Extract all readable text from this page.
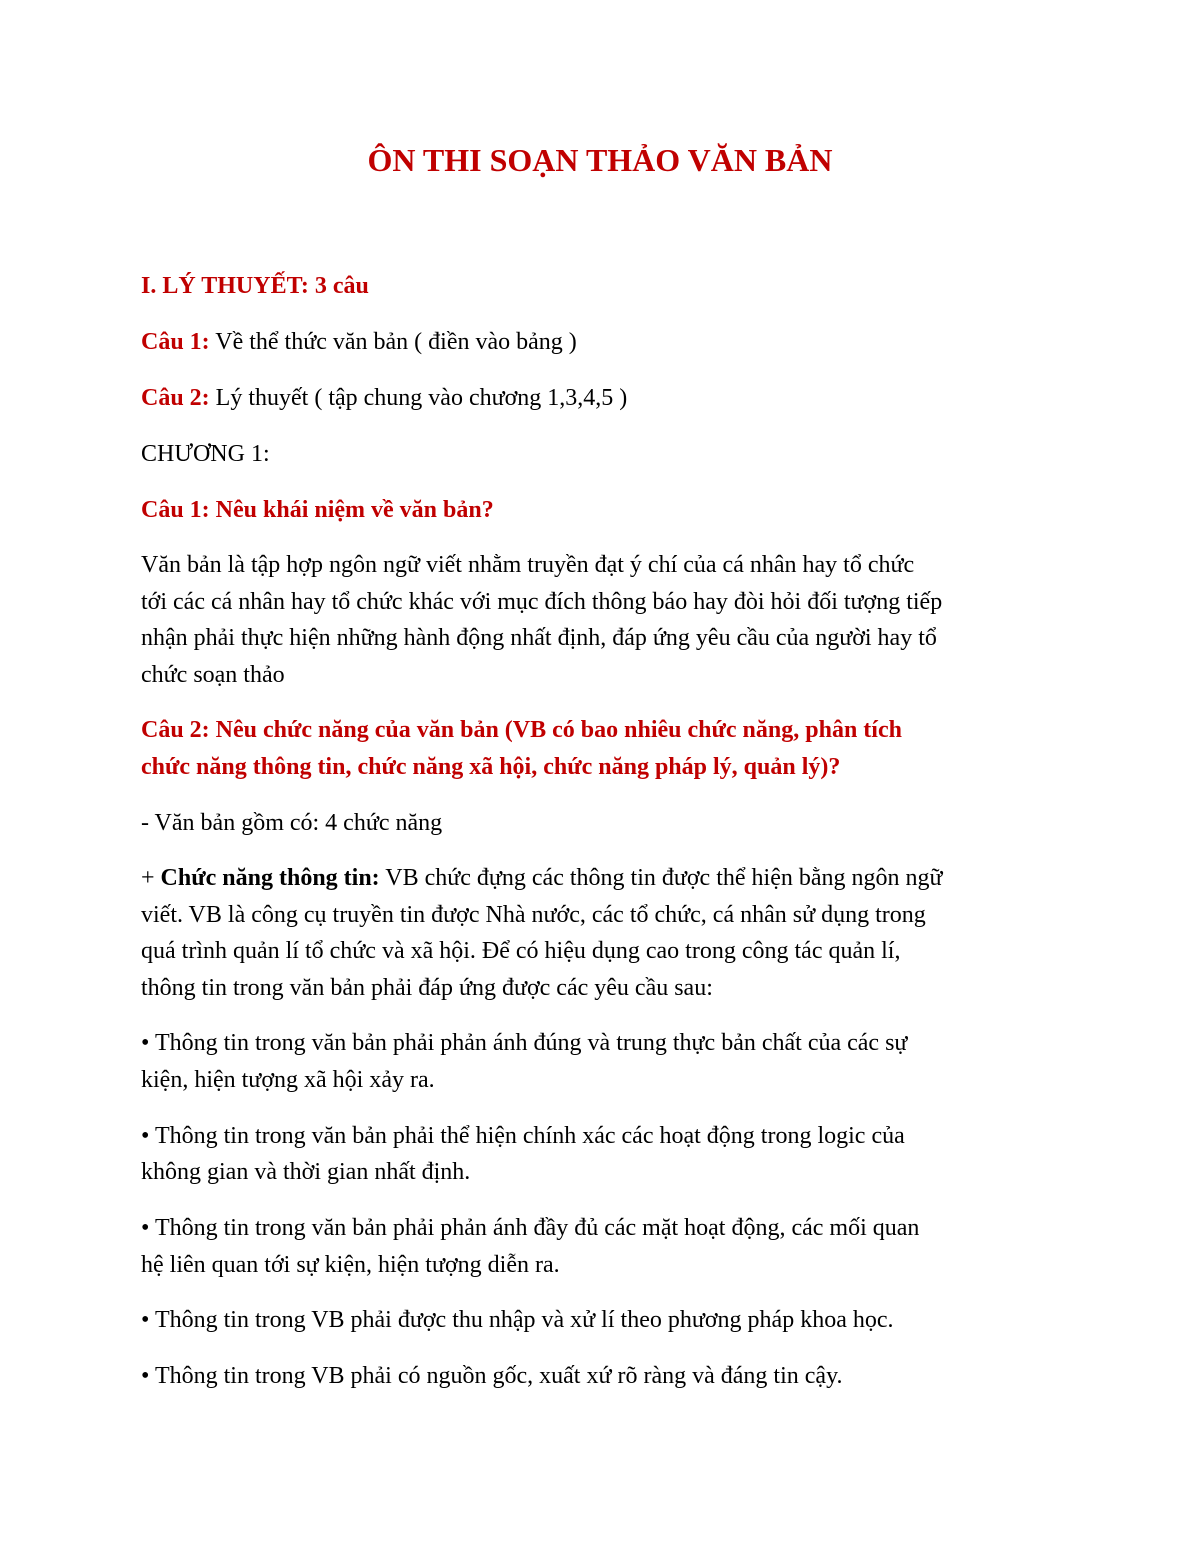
ÔN THI SOẠN THẢO VĂN BẢN
I. LÝ THUYẾT: 3 câu
Câu 1: Về thể thức văn bản ( điền vào bảng )
Câu 2: Lý thuyết ( tập chung vào chương 1,3,4,5 )
CHƯƠNG 1:
Câu 1: Nêu khái niệm về văn bản?
Văn bản là tập hợp ngôn ngữ viết nhằm truyền đạt ý chí của cá nhân hay tổ chức
tới các cá nhân hay tổ chức khác với mục đích thông báo hay đòi hỏi đối tượng tiếp
nhận phải thực hiện những hành động nhất định, đáp ứng yêu cầu của người hay tổ
chức soạn thảo
Câu 2: Nêu chức năng của văn bản (VB có bao nhiêu chức năng, phân tích
chức năng thông tin, chức năng xã hội, chức năng pháp lý, quản lý)?
- Văn bản gồm có: 4 chức năng
+ Chức năng thông tin: VB chức đựng các thông tin được thể hiện bằng ngôn ngữ
viết. VB là công cụ truyền tin được Nhà nước, các tổ chức, cá nhân sử dụng trong
quá trình quản lí tổ chức và xã hội. Để có hiệu dụng cao trong công tác quản lí,
thông tin trong văn bản phải đáp ứng được các yêu cầu sau:
• Thông tin trong văn bản phải phản ánh đúng và trung thực bản chất của các sự
kiện, hiện tượng xã hội xảy ra.
• Thông tin trong văn bản phải thể hiện chính xác các hoạt động trong logic của
không gian và thời gian nhất định.
• Thông tin trong văn bản phải phản ánh đầy đủ các mặt hoạt động, các mối quan
hệ liên quan tới sự kiện, hiện tượng diễn ra.
• Thông tin trong VB phải được thu nhập và xử lí theo phương pháp khoa học.
• Thông tin trong VB phải có nguồn gốc, xuất xứ rõ ràng và đáng tin cậy.
